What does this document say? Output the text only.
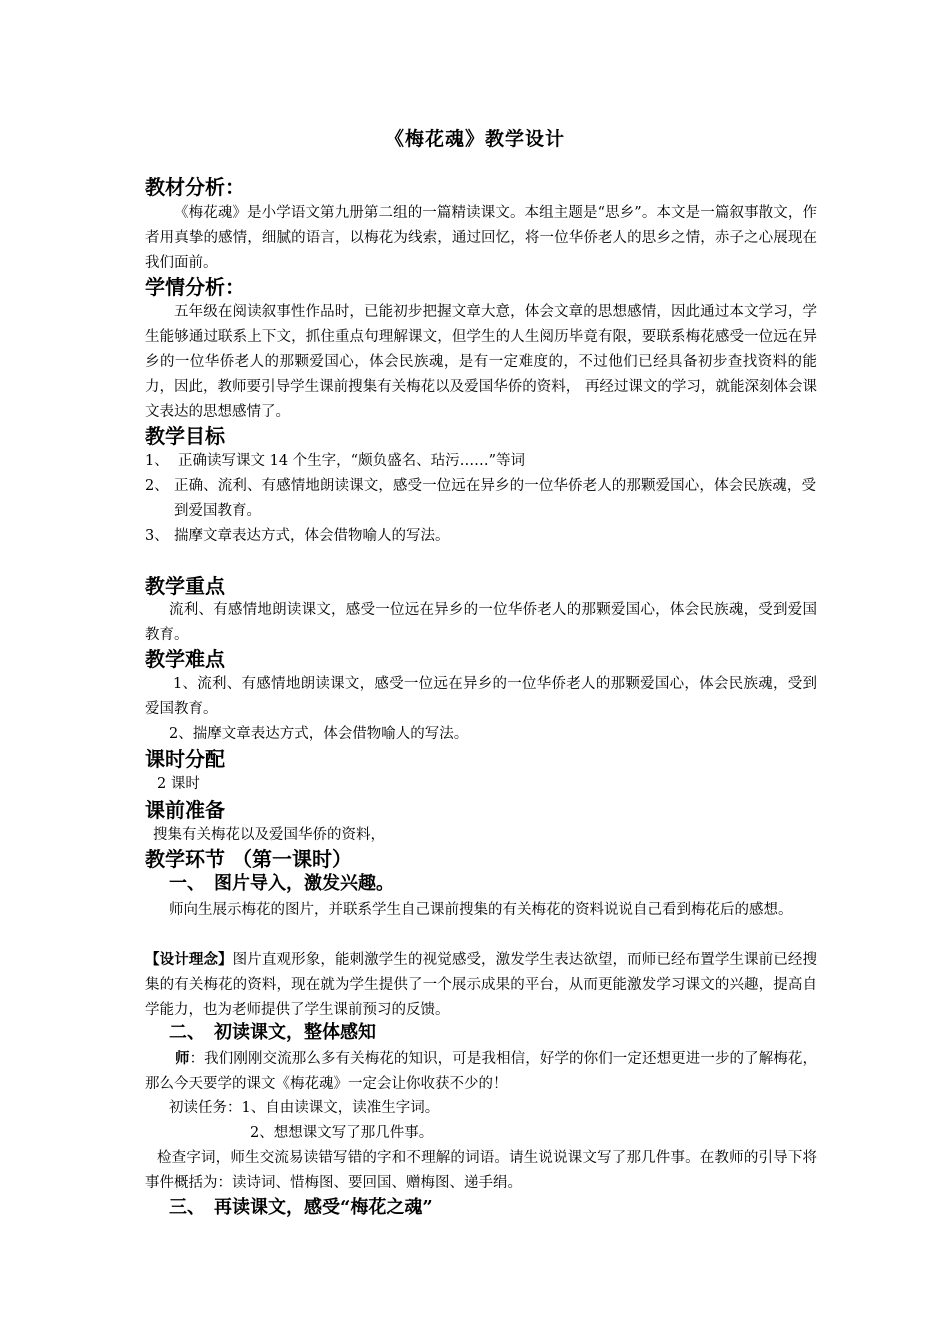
《梅花魂》教学设计
教材分析：
《梅花魂》是小学语文第九册第二组的一篇精读课文。本组主题是“思乡”。本文是一篇叙事散文，作者用真挚的感情，细腻的语言，以梅花为线索，通过回忆，将一位华侨老人的思乡之情，赤子之心展现在我们面前。
学情分析：
五年级在阅读叙事性作品时，已能初步把握文章大意，体会文章的思想感情，因此通过本文学习，学生能够通过联系上下文，抓住重点句理解课文，但学生的人生阅历毕竟有限，要联系梅花感受一位远在异乡的一位华侨老人的那颗爱国心，体会民族魂，是有一定难度的，不过他们已经具备初步查找资料的能力，因此，教师要引导学生课前搜集有关梅花以及爱国华侨的资料， 再经过课文的学习，就能深刻体会课文表达的思想感情了。
教学目标
1、 正确读写课文 14 个生字，“颇负盛名、玷污……”等词
2、 正确、流利、有感情地朗读课文，感受一位远在异乡的一位华侨老人的那颗爱国心，体会民族魂，受到爱国教育。
3、 揣摩文章表达方式，体会借物喻人的写法。
教学重点
流利、有感情地朗读课文，感受一位远在异乡的一位华侨老人的那颗爱国心，体会民族魂，受到爱国教育。
教学难点
1、流利、有感情地朗读课文，感受一位远在异乡的一位华侨老人的那颗爱国心，体会民族魂，受到爱国教育。
2、揣摩文章表达方式，体会借物喻人的写法。
课时分配
2 课时
课前准备
搜集有关梅花以及爱国华侨的资料，
教学环节 （第一课时）
一、　图片导入，激发兴趣。
师向生展示梅花的图片，并联系学生自己课前搜集的有关梅花的资料说说自己看到梅花后的感想。
【设计理念】图片直观形象，能刺激学生的视觉感受，激发学生表达欲望，而师已经布置学生课前已经搜集的有关梅花的资料，现在就为学生提供了一个展示成果的平台，从而更能激发学习课文的兴趣，提高自学能力，也为老师提供了学生课前预习的反馈。
二、　初读课文，整体感知
师：我们刚刚交流那么多有关梅花的知识，可是我相信，好学的你们一定还想更进一步的了解梅花，那么今天要学的课文《梅花魂》一定会让你收获不少的！
初读任务：1、自由读课文，读准生字词。
2、想想课文写了那几件事。
检查字词，师生交流易读错写错的字和不理解的词语。请生说说课文写了那几件事。在教师的引导下将事件概括为：读诗词、惜梅图、要回国、赠梅图、递手绢。
三、　再读课文，感受“梅花之魂”
